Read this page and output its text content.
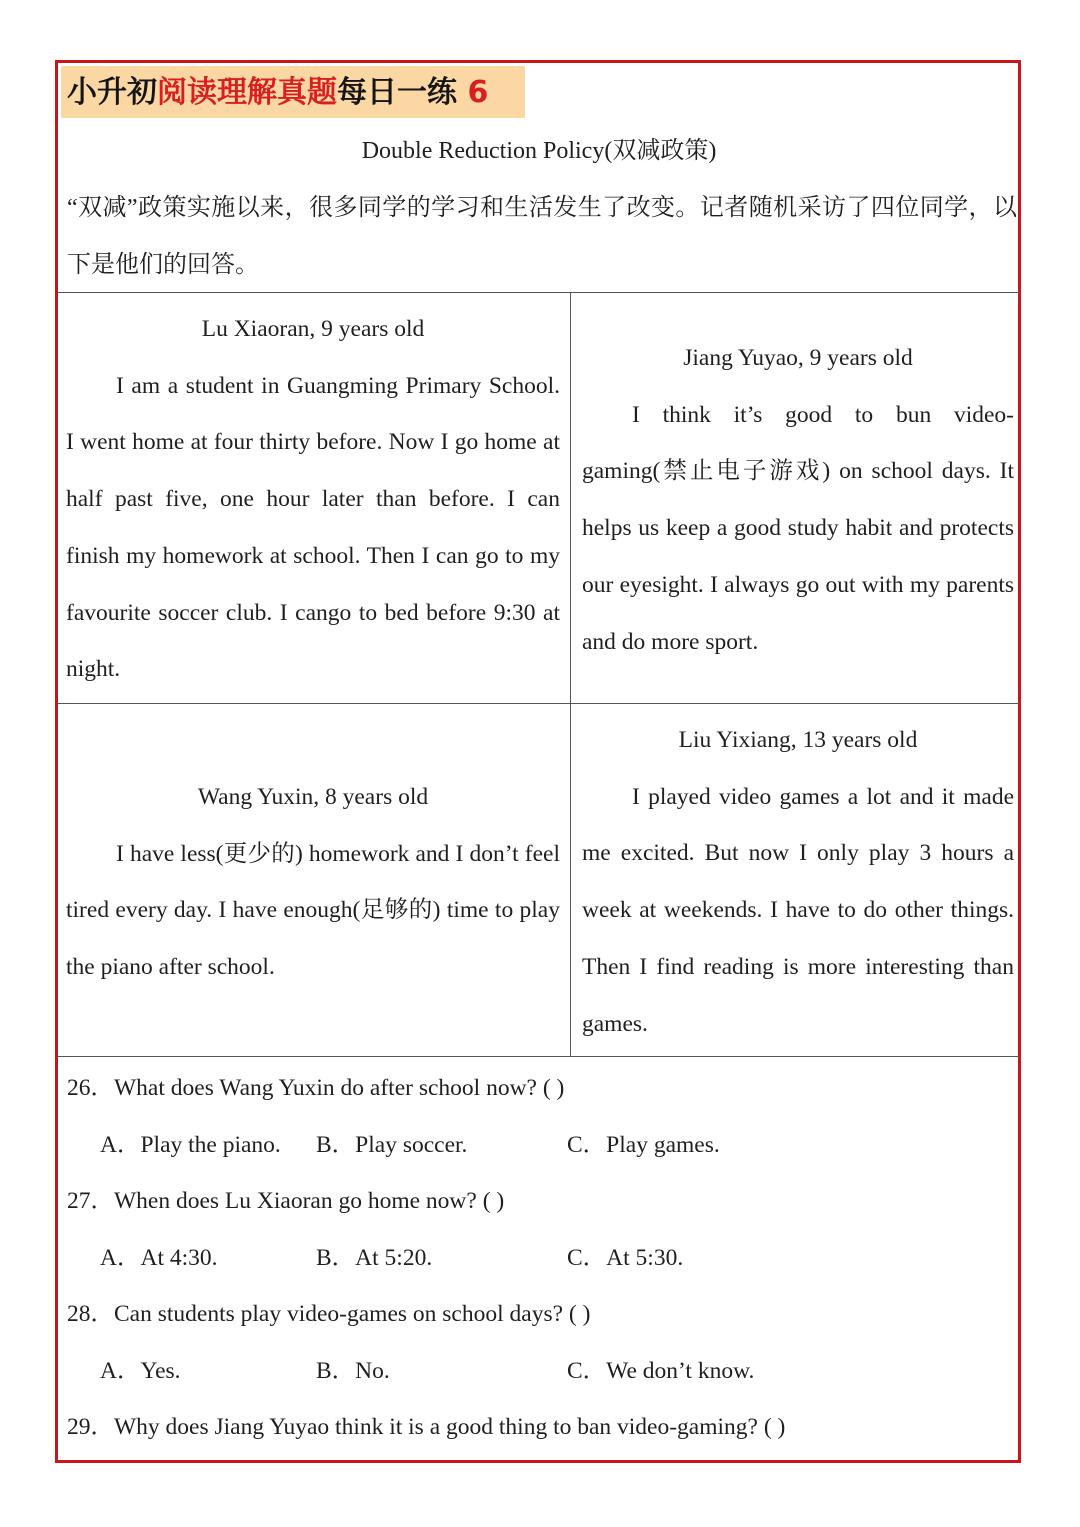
小升初阅读理解真题每日一练 6
Double Reduction Policy(双减政策)
“双减”政策实施以来，很多同学的学习和生活发生了改变。记者随机采访了四位同学，以下是他们的回答。
Lu Xiaoran, 9 years old
I am a student in Guangming Primary School. I went home at four thirty before. Now I go home at half past five, one hour later than before. I can finish my homework at school. Then I can go to my favourite soccer club. I cango to bed before 9:30 at night.
Jiang Yuyao, 9 years old
I think it’s good to bun video-gaming(禁止电子游戏) on school days. It helps us keep a good study habit and protects our eyesight. I always go out with my parents and do more sport.
Wang Yuxin, 8 years old
I have less(更少的) homework and I don’t feel tired every day. I have enough(足够的) time to play the piano after school.
Liu Yixiang, 13 years old
I played video games a lot and it made me excited. But now I only play 3 hours a week at weekends. I have to do other things. Then I find reading is more interesting than games.
26．What does Wang Yuxin do after school now? ( )
A．Play the piano. B．Play soccer.	C．Play games.
27．When does Lu Xiaoran go home now? ( )
A．At 4:30.	B．At 5:20.	C．At 5:30.
28．Can students play video-games on school days? ( )
A．Yes.	B．No.	C．We don’t know.
29．Why does Jiang Yuyao think it is a good thing to ban video-gaming? ( )
